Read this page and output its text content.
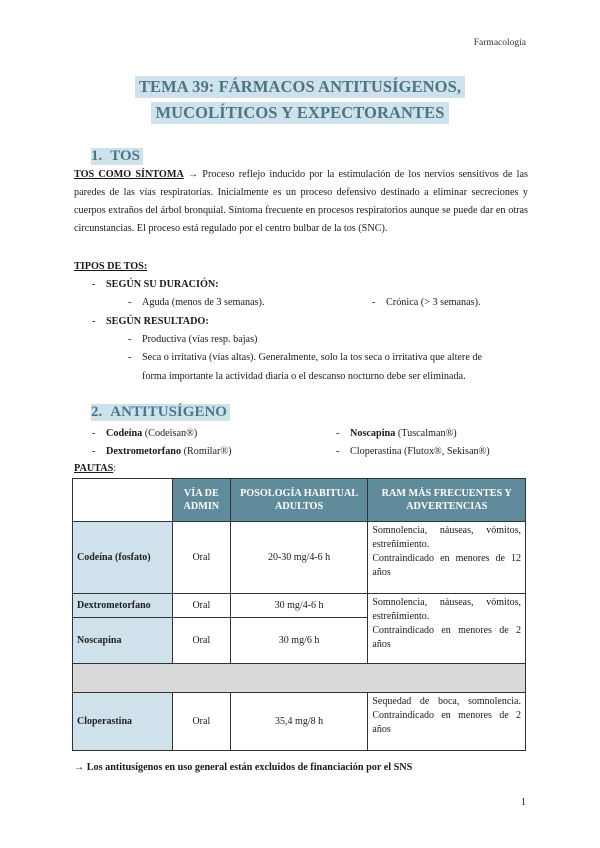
Farmacología
TEMA 39: FÁRMACOS ANTITUSÍGENOS,
MUCOLÍTICOS Y EXPECTORANTES
1. TOS
TOS COMO SÍNTOMA → Proceso reflejo inducido por la estimulación de los nervios sensitivos de las paredes de las vías respiratorias. Inicialmente es un proceso defensivo destinado a eliminar secreciones y cuerpos extraños del árbol bronquial. Síntoma frecuente en procesos respiratorios aunque se puede dar en otras circunstancias. El proceso está regulado por el centro bulbar de la tos (SNC).
TIPOS DE TOS:
- SEGÚN SU DURACIÓN:
- Aguda (menos de 3 semanas).	- Crónica (> 3 semanas).
- SEGÚN RESULTADO:
- Productiva (vías resp. bajas)
- Seca o irritativa (vías altas). Generalmente, solo la tos seca o irritativa que altere de
forma importante la actividad diaria o el descanso nocturno debe ser eliminada.
2. ANTITUSÍGENO
- Codeína (Codeisan®)	- Noscapina (Tuscalman®)
- Dextrometorfano (Romilar®)	- Cloperastina (Flutox®, Sekisan®)
PAUTAS:
	VÍA DE ADMIN	POSOLOGÍA HABITUAL ADULTOS	RAM MÁS FRECUENTES Y ADVERTENCIAS
Codeína (fosfato)	Oral	20-30 mg/4-6 h	Somnolencia, náuseas, vómitos, estreñimiento.
Contraindicado en menores de 12 años

Dextrometorfano	Oral	30 mg/4-6 h	Somnolencia, náuseas, vómitos, estreñimiento.
Contraindicado en menores de 2 años

Noscapina	Oral	30 mg/6 h	

Cloperastina	Oral	35,4 mg/8 h	Sequedad de boca, somnolencia. Contraindicado en menores de 2 años
→ Los antitusígenos en uso general están excluidos de financiación por el SNS
1
